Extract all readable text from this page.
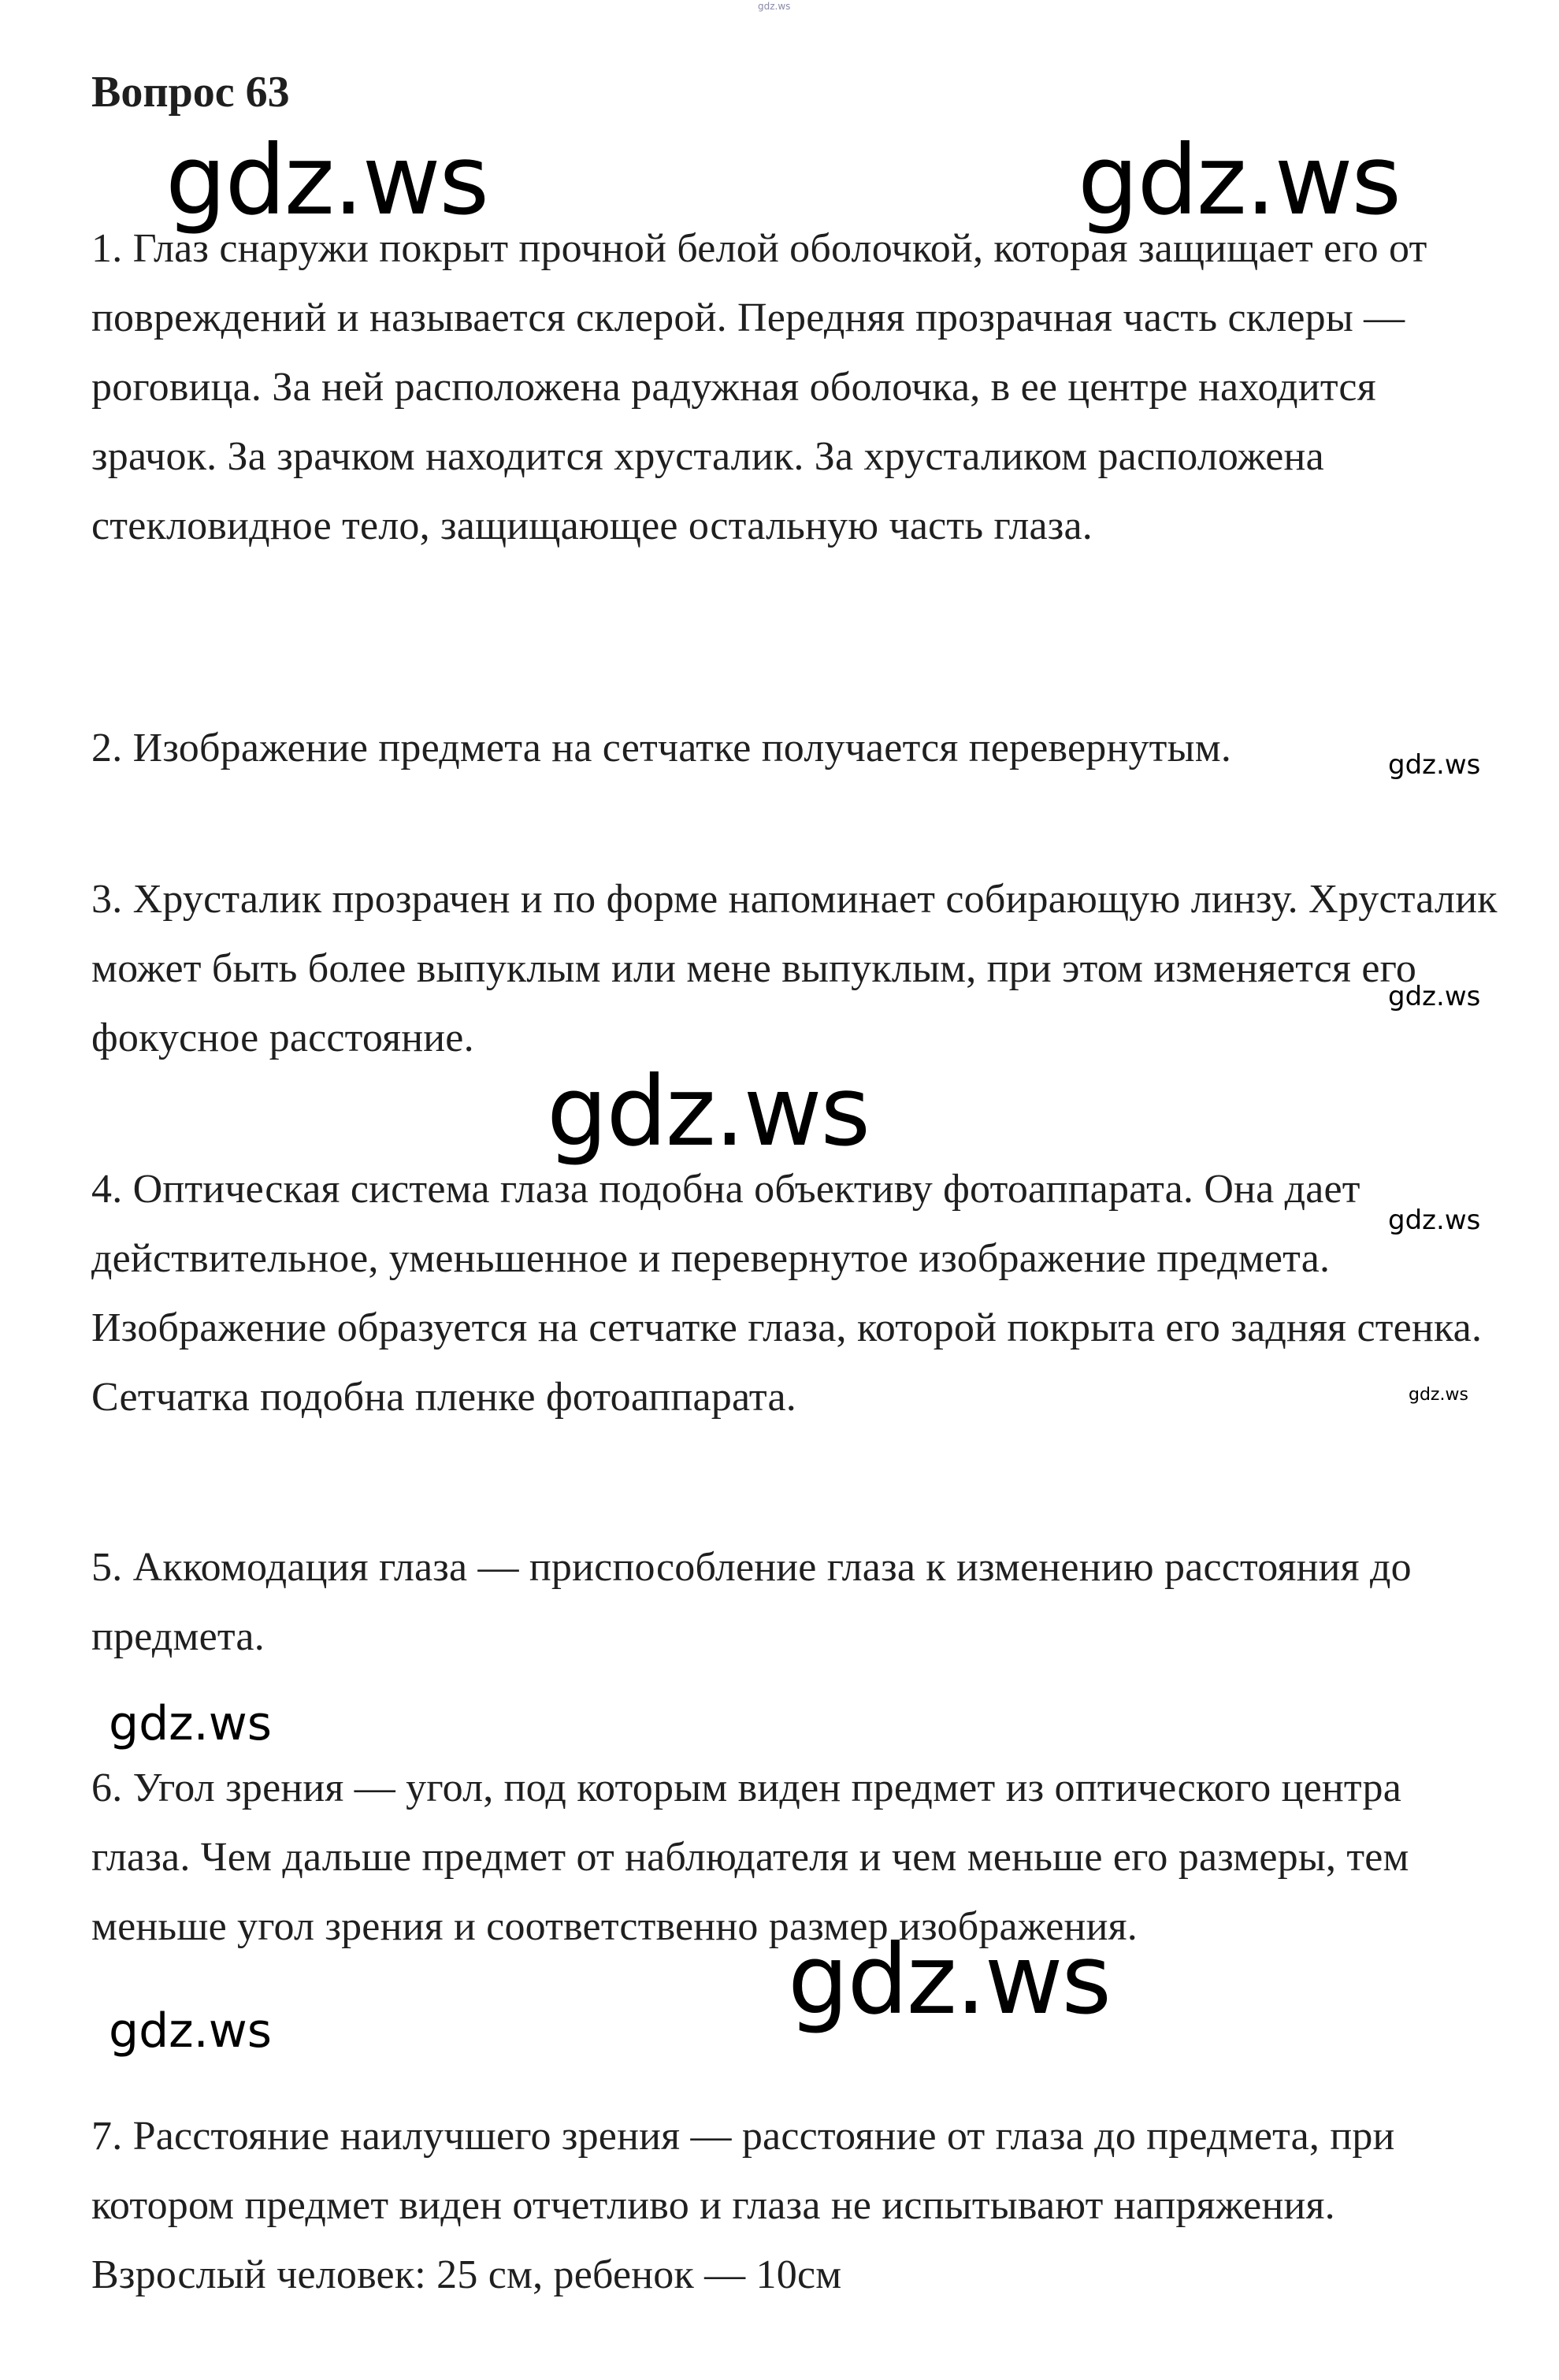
gdz.ws
Вопрос 63

1. Глаз снаружи покрыт прочной белой оболочкой, которая защищает его от повреждений и называется склерой. Передняя прозрачная часть склеры — роговица. За ней расположена радужная оболочка, в ее центре находится зрачок. За зрачком находится хрусталик. За хрусталиком расположена стекловидное тело, защищающее остальную часть глаза.

2. Изображение предмета на сетчатке получается перевернутым.

3. Хрусталик прозрачен и по форме напоминает собирающую линзу. Хрусталик может быть более выпуклым или мене выпуклым, при этом изменяется его фокусное расстояние.

4. Оптическая система глаза подобна объективу фотоаппарата. Она дает действительное, уменьшенное и перевернутое изображение предмета. Изображение образуется на сетчатке глаза, которой покрыта его задняя стенка. Сетчатка подобна пленке фотоаппарата.

5. Аккомодация глаза — приспособление глаза к изменению расстояния до предмета.

6. Угол зрения — угол, под которым виден предмет из оптического центра глаза. Чем дальше предмет от наблюдателя и чем меньше его размеры, тем меньше угол зрения и соответственно размер изображения.

7. Расстояние наилучшего зрения — расстояние от глаза до предмета, при котором предмет виден отчетливо и глаза не испытывают напряжения. Взрослый человек: 25 см, ребенок — 10см

gdz.ws	gdz.ws
gdz.ws
gdz.ws
gdz.ws
gdz.ws
gdz.ws
gdz.ws
gdz.ws
gdz.ws
